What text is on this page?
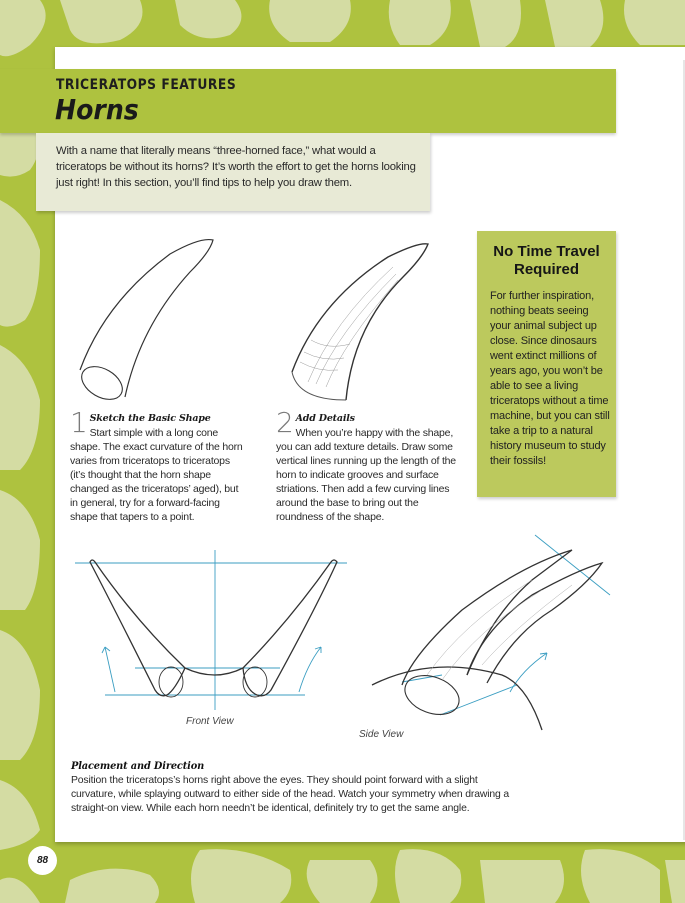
TRICERATOPS FEATURES
Horns
With a name that literally means “three-horned face,” what would a triceratops be without its horns? It’s worth the effort to get the horns looking just right! In this section, you’ll find tips to help you draw them.
1 Sketch the Basic Shape
Start simple with a long cone shape. The exact curvature of the horn varies from triceratops to triceratops (it’s thought that the horn shape changed as the triceratops’ aged), but in general, try for a forward-facing shape that tapers to a point.
2 Add Details
When you’re happy with the shape, you can add texture details. Draw some vertical lines running up the length of the horn to indicate grooves and surface striations. Then add a few curving lines around the base to bring out the roundness of the shape.
No Time Travel Required
For further inspiration, nothing beats seeing your animal subject up close. Since dinosaurs went extinct millions of years ago, you won’t be able to see a living triceratops without a time machine, but you can still take a trip to a natural history museum to study their fossils!
Front View
Side View
Placement and Direction
Position the triceratops’s horns right above the eyes. They should point forward with a slight curvature, while splaying outward to either side of the head. Watch your symmetry when drawing a straight-on view. While each horn needn’t be identical, definitely try to get the same angle.
88
